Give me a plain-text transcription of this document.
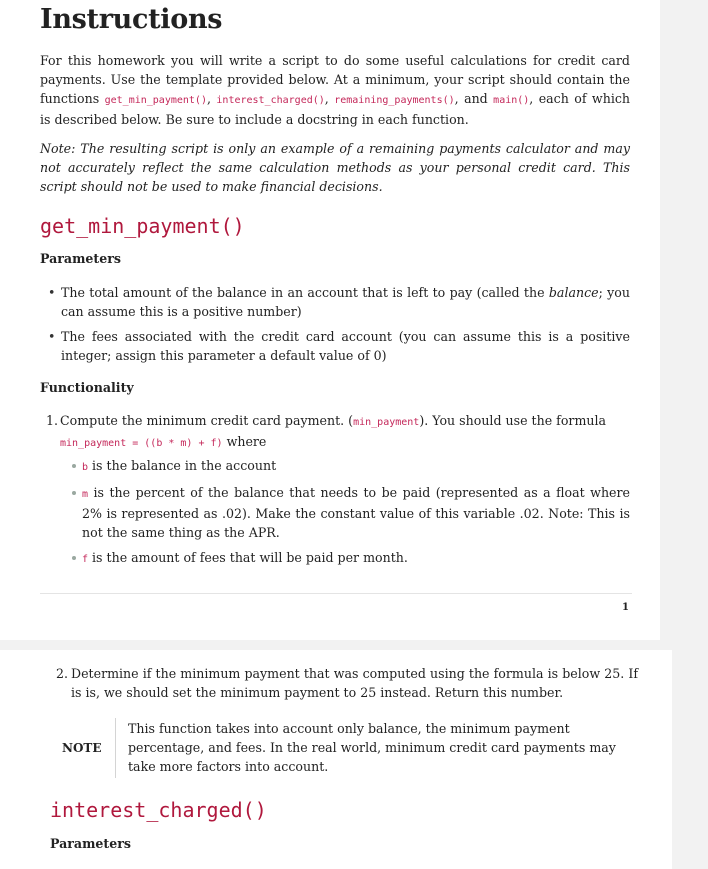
Instructions

For this homework you will write a script to do some useful calculations for credit card payments. Use the template provided below. At a minimum, your script should contain the functions get_min_payment(), interest_charged(), remaining_payments(), and main(), each of which is described below. Be sure to include a docstring in each function.

Note: The resulting script is only an example of a remaining payments calculator and may not accurately reflect the same calculation methods as your personal credit card. This script should not be used to make financial decisions.

get_min_payment()
Parameters
• The total amount of the balance in an account that is left to pay (called the balance; you can assume this is a positive number)
• The fees associated with the credit card account (you can assume this is a positive integer; assign this parameter a default value of 0)
Functionality
1. Compute the minimum credit card payment. (min_payment). You should use the formula
min_payment = ((b * m) + f) where
b is the balance in the account
m is the percent of the balance that needs to be paid (represented as a float where 2% is represented as .02). Make the constant value of this variable .02. Note: This is not the same thing as the APR.
f is the amount of fees that will be paid per month.
1
2. Determine if the minimum payment that was computed using the formula is below 25. If is is, we should set the minimum payment to 25 instead. Return this number.
NOTE
This function takes into account only balance, the minimum payment percentage, and fees. In the real world, minimum credit card payments may take more factors into account.
interest_charged()
Parameters
